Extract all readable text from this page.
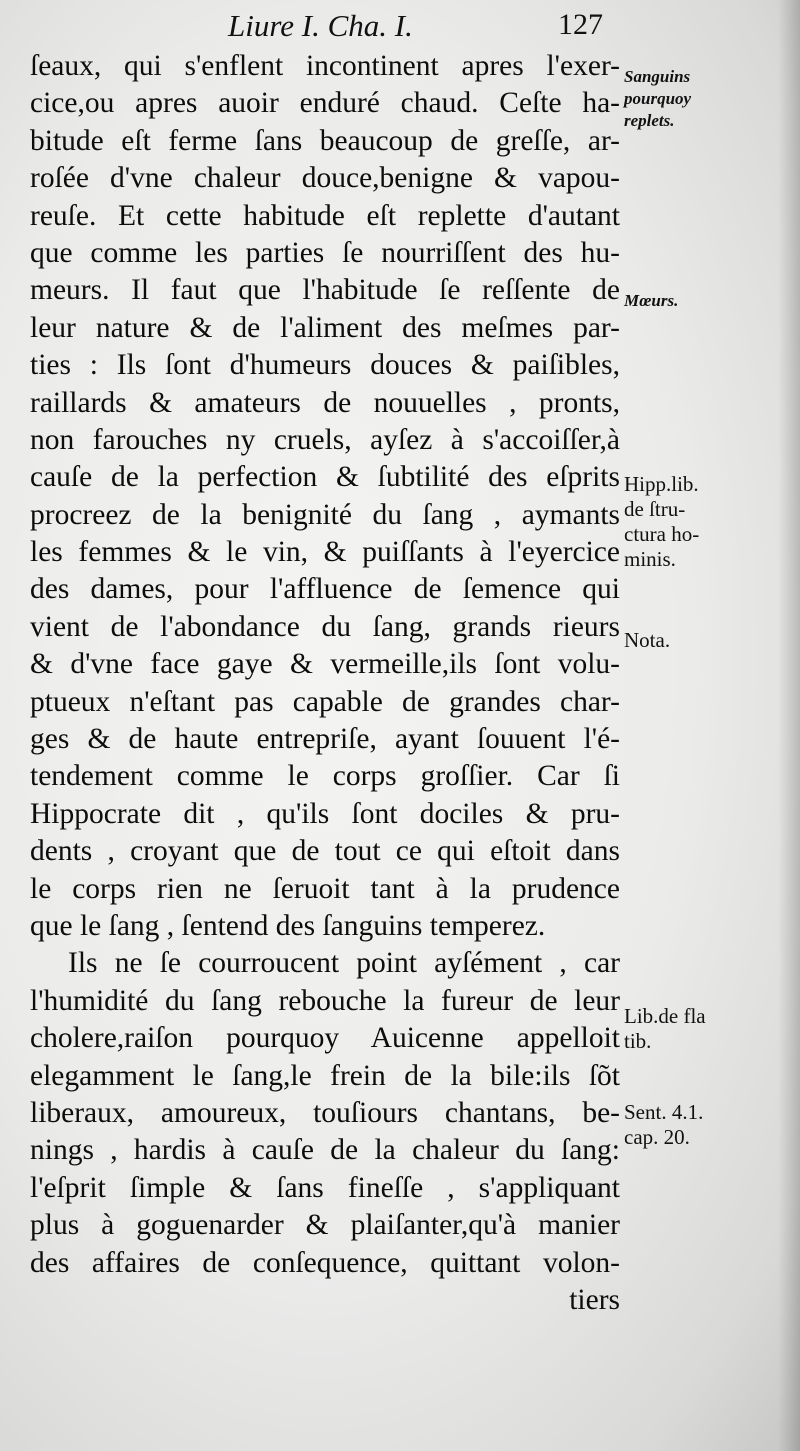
Liure I. Cha. I.	127
ſeaux, qui s'enflent incontinent apres l'exer-
cice,ou apres auoir enduré chaud. Ceſte ha-
bitude eſt ferme ſans beaucoup de greſſe, ar-
roſée d'vne chaleur douce,benigne & vapou-
reuſe. Et cette habitude eſt replette d'autant
que comme les parties ſe nourriſſent des hu-
meurs. Il faut que l'habitude ſe reſſente de
leur nature & de l'aliment des meſmes par-
ties : Ils ſont d'humeurs douces & paiſibles,
raillards & amateurs de nouuelles , pronts,
non farouches ny cruels, ayſez à s'accoiſſer,à
cauſe de la perfection & ſubtilité des eſprits
procreez de la benignité du ſang , aymants
les femmes & le vin, & puiſſants à l'eyercice
des dames, pour l'affluence de ſemence qui
vient de l'abondance du ſang, grands rieurs
& d'vne face gaye & vermeille,ils ſont volu-
ptueux n'eſtant pas capable de grandes char-
ges & de haute entrepriſe, ayant ſouuent l'é-
tendement comme le corps groſſier. Car ſi
Hippocrate dit , qu'ils ſont dociles & pru-
dents , croyant que de tout ce qui eſtoit dans
le corps rien ne ſeruoit tant à la prudence
que le ſang , ſentend des ſanguins temperez.
Ils ne ſe courroucent point ayſément , car
l'humidité du ſang rebouche la fureur de leur
cholere,raiſon pourquoy Auicenne appelloit
elegamment le ſang,le frein de la bile:ils ſõt
liberaux, amoureux, touſiours chantans, be-
nings , hardis à cauſe de la chaleur du ſang:
l'eſprit ſimple & ſans fineſſe , s'appliquant
plus à goguenarder & plaiſanter,qu'à manier
des affaires de conſequence, quittant volon-
tiers
Sanguins
pourquoy
replets.
Mœurs.
Hipp.lib.
de ſtru-
ctura ho-
minis.
Nota.
Lib.de fla
tib.
Sent. 4.1.
cap. 20.
